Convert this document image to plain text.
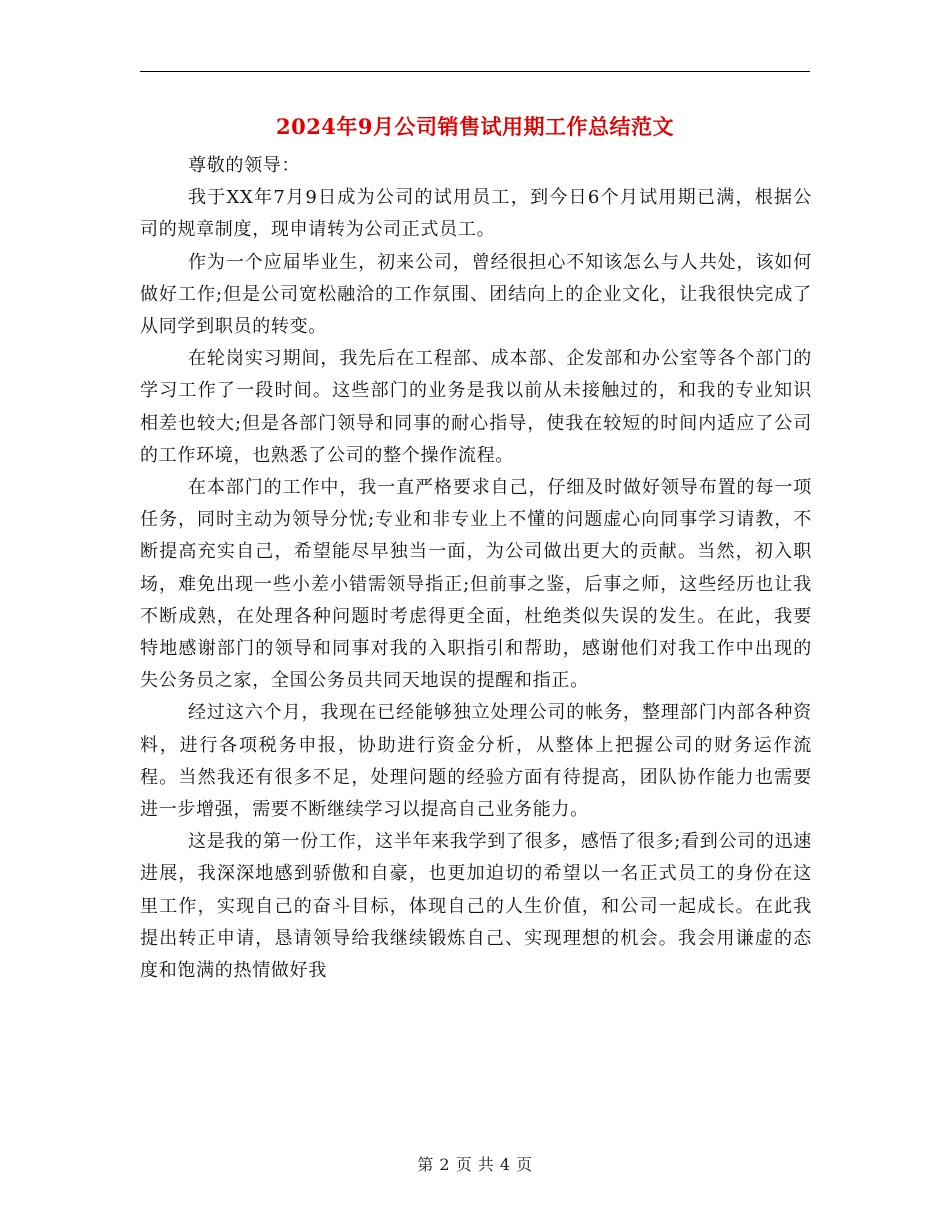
2024年9月公司销售试用期工作总结范文

尊敬的领导：

我于XX年7月9日成为公司的试用员工，到今日6个月试用期已满，根据公司的规章制度，现申请转为公司正式员工。

作为一个应届毕业生，初来公司，曾经很担心不知该怎么与人共处，该如何做好工作;但是公司宽松融洽的工作氛围、团结向上的企业文化，让我很快完成了从同学到职员的转变。

在轮岗实习期间，我先后在工程部、成本部、企发部和办公室等各个部门的学习工作了一段时间。这些部门的业务是我以前从未接触过的，和我的专业知识相差也较大;但是各部门领导和同事的耐心指导，使我在较短的时间内适应了公司的工作环境，也熟悉了公司的整个操作流程。

在本部门的工作中，我一直严格要求自己，仔细及时做好领导布置的每一项任务，同时主动为领导分忧;专业和非专业上不懂的问题虚心向同事学习请教，不断提高充实自己，希望能尽早独当一面，为公司做出更大的贡献。当然，初入职场，难免出现一些小差小错需领导指正;但前事之鉴，后事之师，这些经历也让我不断成熟，在处理各种问题时考虑得更全面，杜绝类似失误的发生。在此，我要特地感谢部门的领导和同事对我的入职指引和帮助，感谢他们对我工作中出现的失公务员之家，全国公务员共同天地误的提醒和指正。

经过这六个月，我现在已经能够独立处理公司的帐务，整理部门内部各种资料，进行各项税务申报，协助进行资金分析，从整体上把握公司的财务运作流程。当然我还有很多不足，处理问题的经验方面有待提高，团队协作能力也需要进一步增强，需要不断继续学习以提高自己业务能力。

这是我的第一份工作，这半年来我学到了很多，感悟了很多;看到公司的迅速进展，我深深地感到骄傲和自豪，也更加迫切的希望以一名正式员工的身份在这里工作，实现自己的奋斗目标，体现自己的人生价值，和公司一起成长。在此我提出转正申请，恳请领导给我继续锻炼自己、实现理想的机会。我会用谦虚的态度和饱满的热情做好我

第 2 页 共 4 页
